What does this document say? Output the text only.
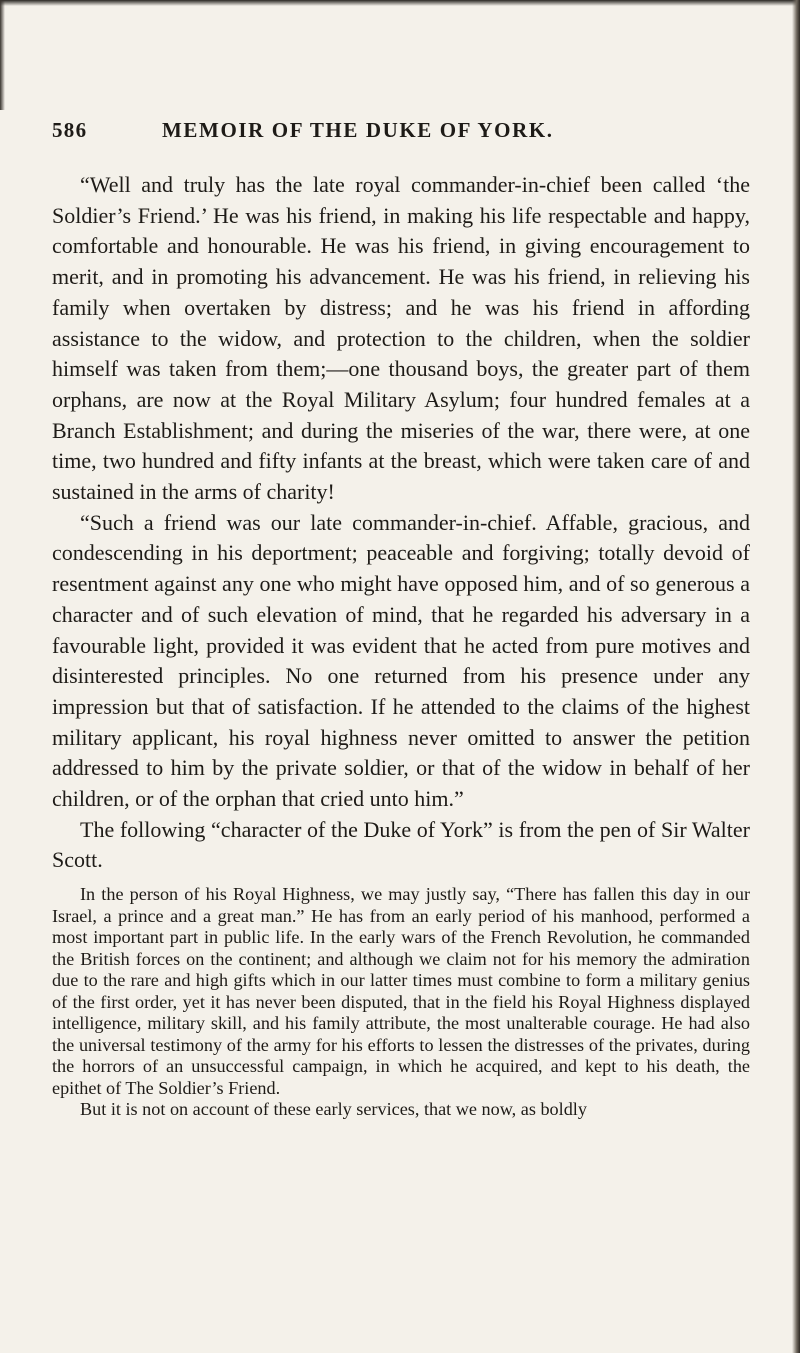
586	MEMOIR OF THE DUKE OF YORK.

“Well and truly has the late royal commander-in-chief been called ‘the Soldier’s Friend.’ He was his friend, in making his life respectable and happy, comfortable and honourable. He was his friend, in giving encouragement to merit, and in promoting his advancement. He was his friend, in relieving his family when overtaken by distress; and he was his friend in affording assistance to the widow, and protection to the children, when the soldier himself was taken from them;—one thousand boys, the greater part of them orphans, are now at the Royal Military Asylum; four hundred females at a Branch Establishment; and during the miseries of the war, there were, at one time, two hundred and fifty infants at the breast, which were taken care of and sustained in the arms of charity!

“Such a friend was our late commander-in-chief. Affable, gracious, and condescending in his deportment; peaceable and forgiving; totally devoid of resentment against any one who might have opposed him, and of so generous a character and of such elevation of mind, that he regarded his adversary in a favourable light, provided it was evident that he acted from pure motives and disinterested principles. No one returned from his presence under any impression but that of satisfaction. If he attended to the claims of the highest military applicant, his royal highness never omitted to answer the petition addressed to him by the private soldier, or that of the widow in behalf of her children, or of the orphan that cried unto him.”

The following “character of the Duke of York” is from the pen of Sir Walter Scott.

In the person of his Royal Highness, we may justly say, “There has fallen this day in our Israel, a prince and a great man.” He has from an early period of his manhood, performed a most important part in public life. In the early wars of the French Revolution, he commanded the British forces on the continent; and although we claim not for his memory the admiration due to the rare and high gifts which in our latter times must combine to form a military genius of the first order, yet it has never been disputed, that in the field his Royal Highness displayed intelligence, military skill, and his family attribute, the most unalterable courage. He had also the universal testimony of the army for his efforts to lessen the distresses of the privates, during the horrors of an unsuccessful campaign, in which he acquired, and kept to his death, the epithet of The Soldier’s Friend.

But it is not on account of these early services, that we now, as boldly
